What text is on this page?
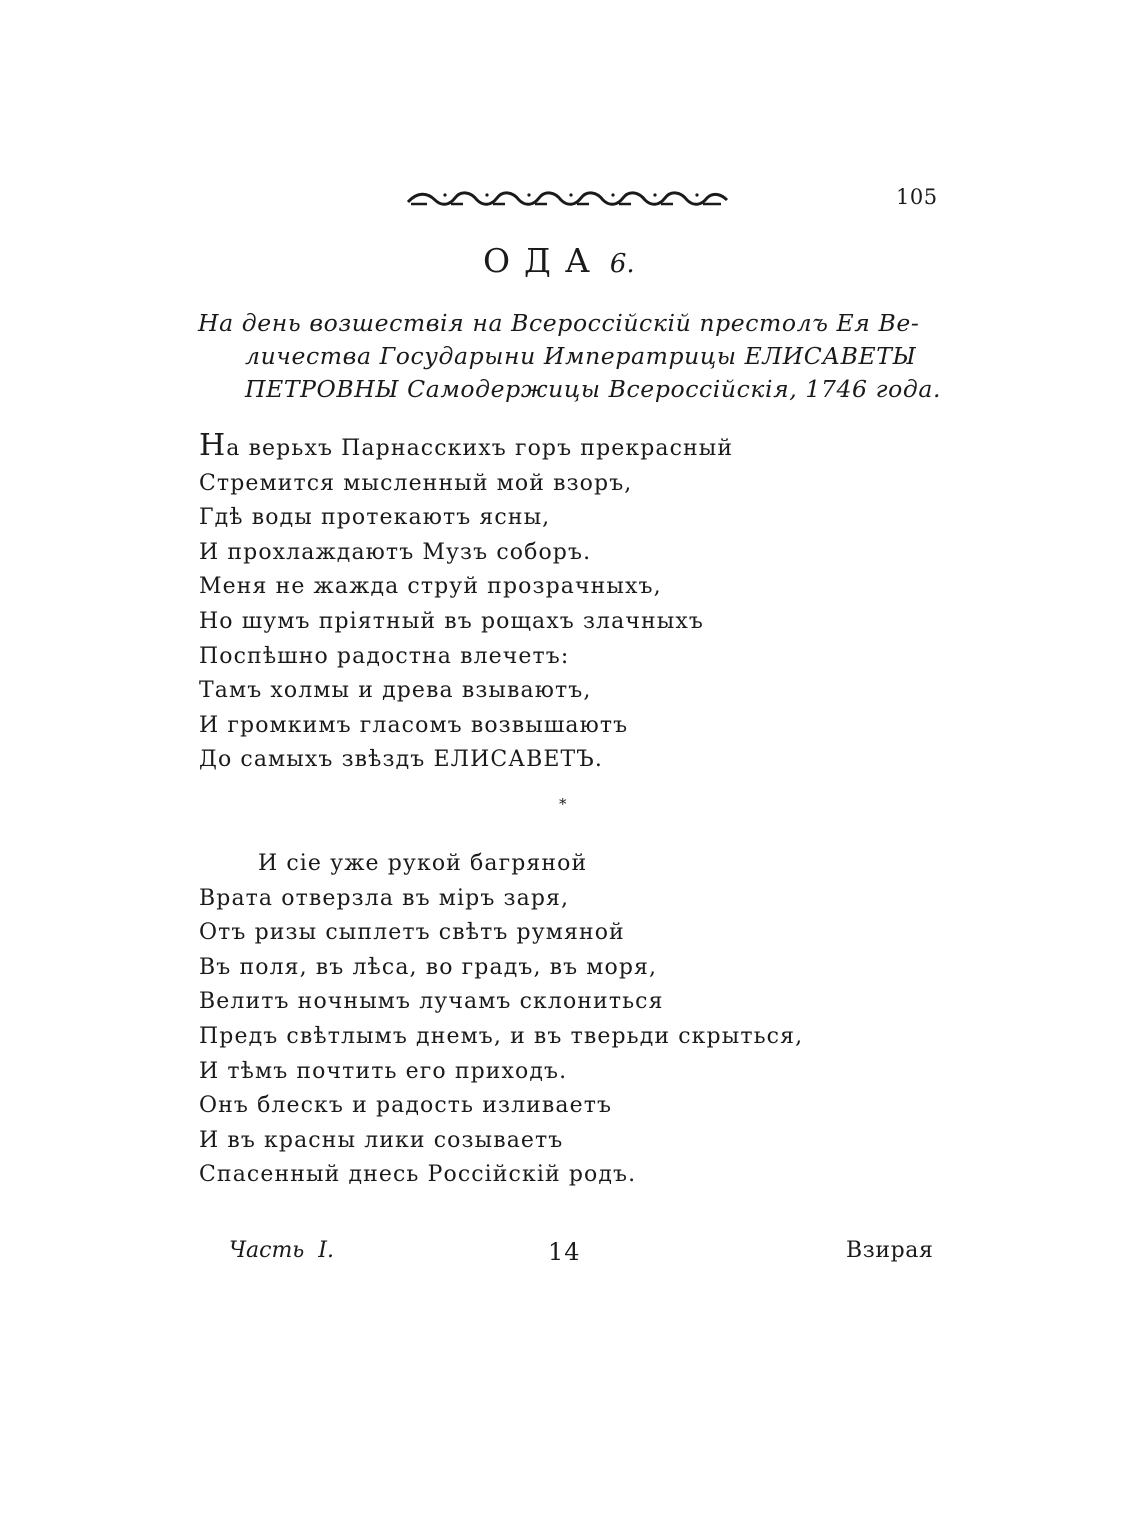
105
ОДА 6.
На день возшествія на Всероссійскій престолъ Ея Ве-
личества Государыни Императрицы ЕЛИСАВЕТЫ
ПЕТРОВНЫ Самодержицы Всероссійскія, 1746 года.
На верьхъ Парнасскихъ горъ прекрасный
Стремится мысленный мой взоръ,
Гдѣ воды протекаютъ ясны,
И прохлаждаютъ Музъ соборъ.
Меня не жажда струй прозрачныхъ,
Но шумъ пріятный въ рощахъ злачныхъ
Поспѣшно радостна влечетъ:
Тамъ холмы и древа взываютъ,
И громкимъ гласомъ возвышаютъ
До самыхъ звѣздъ ЕЛИСАВЕТЪ.
*
И сіе уже рукой багряной
Врата отверзла въ міръ заря,
Отъ ризы сыплетъ свѣтъ румяной
Въ поля, въ лѣса, во градъ, въ моря,
Велитъ ночнымъ лучамъ склониться
Предъ свѣтлымъ днемъ, и въ тверьди скрыться,
И тѣмъ почтить его приходъ.
Онъ блескъ и радость изливаетъ
И въ красны лики созываетъ
Спасенный днесь Россійскій родъ.
Часть I.	14	Взирая
